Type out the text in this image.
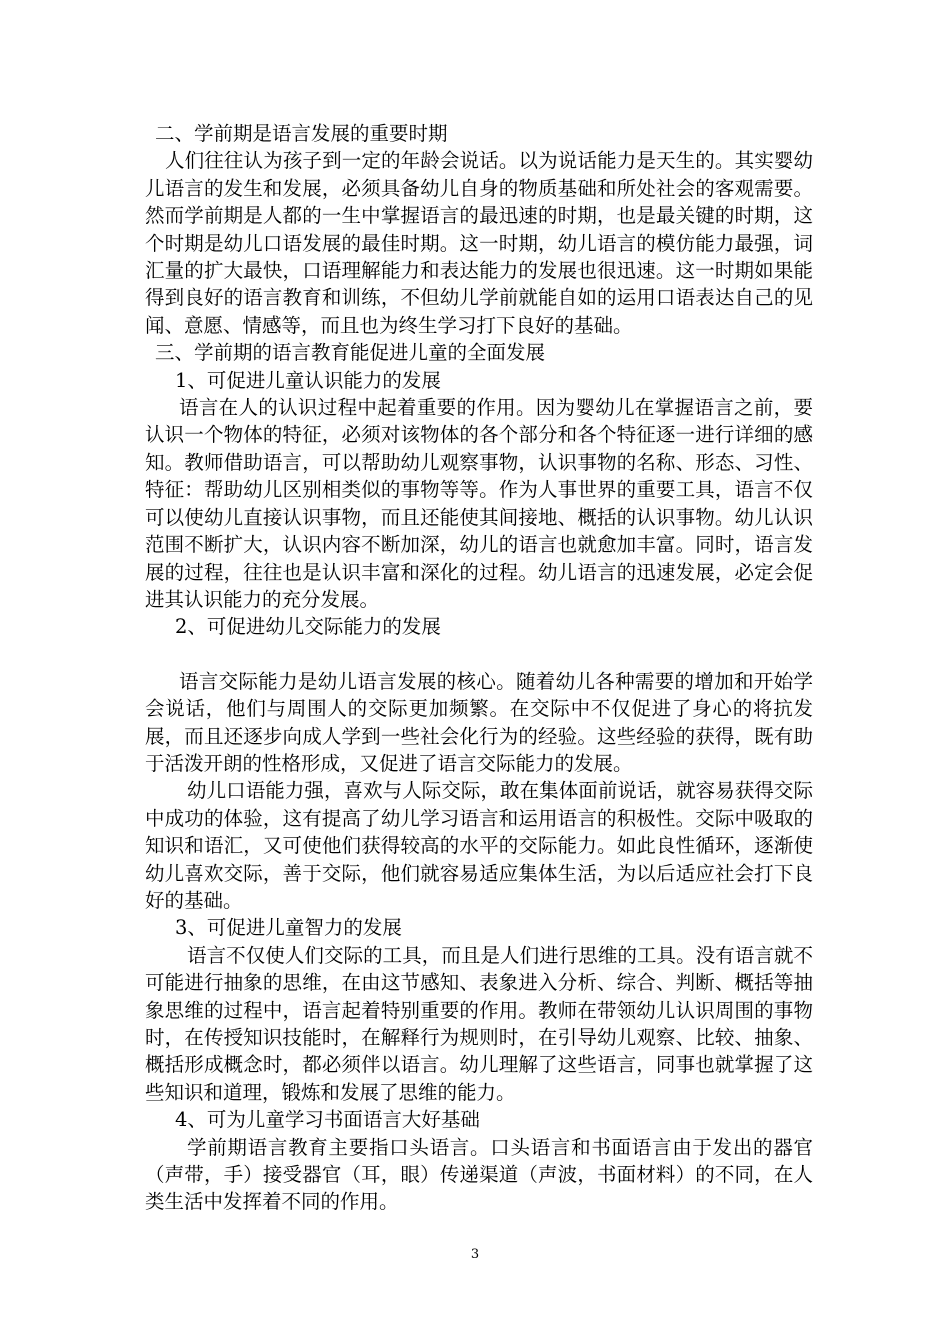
二、学前期是语言发展的重要时期

人们往往认为孩子到一定的年龄会说话。以为说话能力是天生的。其实婴幼儿语言的发生和发展，必须具备幼儿自身的物质基础和所处社会的客观需要。然而学前期是人都的一生中掌握语言的最迅速的时期，也是最关键的时期，这个时期是幼儿口语发展的最佳时期。这一时期，幼儿语言的模仿能力最强，词汇量的扩大最快，口语理解能力和表达能力的发展也很迅速。这一时期如果能得到良好的语言教育和训练，不但幼儿学前就能自如的运用口语表达自己的见闻、意愿、情感等，而且也为终生学习打下良好的基础。

三、学前期的语言教育能促进儿童的全面发展

1、可促进儿童认识能力的发展

语言在人的认识过程中起着重要的作用。因为婴幼儿在掌握语言之前，要认识一个物体的特征，必须对该物体的各个部分和各个特征逐一进行详细的感知。教师借助语言，可以帮助幼儿观察事物，认识事物的名称、形态、习性、特征：帮助幼儿区别相类似的事物等等。作为人事世界的重要工具，语言不仅可以使幼儿直接认识事物，而且还能使其间接地、概括的认识事物。幼儿认识范围不断扩大，认识内容不断加深，幼儿的语言也就愈加丰富。同时，语言发展的过程，往往也是认识丰富和深化的过程。幼儿语言的迅速发展，必定会促进其认识能力的充分发展。

2、可促进幼儿交际能力的发展

语言交际能力是幼儿语言发展的核心。随着幼儿各种需要的增加和开始学会说话，他们与周围人的交际更加频繁。在交际中不仅促进了身心的将抗发展，而且还逐步向成人学到一些社会化行为的经验。这些经验的获得，既有助于活泼开朗的性格形成，又促进了语言交际能力的发展。

幼儿口语能力强，喜欢与人际交际，敢在集体面前说话，就容易获得交际中成功的体验，这有提高了幼儿学习语言和运用语言的积极性。交际中吸取的知识和语汇，又可使他们获得较高的水平的交际能力。如此良性循环，逐渐使幼儿喜欢交际，善于交际，他们就容易适应集体生活，为以后适应社会打下良好的基础。

3、可促进儿童智力的发展

语言不仅使人们交际的工具，而且是人们进行思维的工具。没有语言就不可能进行抽象的思维，在由这节感知、表象进入分析、综合、判断、概括等抽象思维的过程中，语言起着特别重要的作用。教师在带领幼儿认识周围的事物时，在传授知识技能时，在解释行为规则时，在引导幼儿观察、比较、抽象、概括形成概念时，都必须伴以语言。幼儿理解了这些语言，同事也就掌握了这些知识和道理，锻炼和发展了思维的能力。

4、可为儿童学习书面语言大好基础

学前期语言教育主要指口头语言。口头语言和书面语言由于发出的器官（声带，手）接受器官（耳，眼）传递渠道（声波，书面材料）的不同，在人类生活中发挥着不同的作用。

3
